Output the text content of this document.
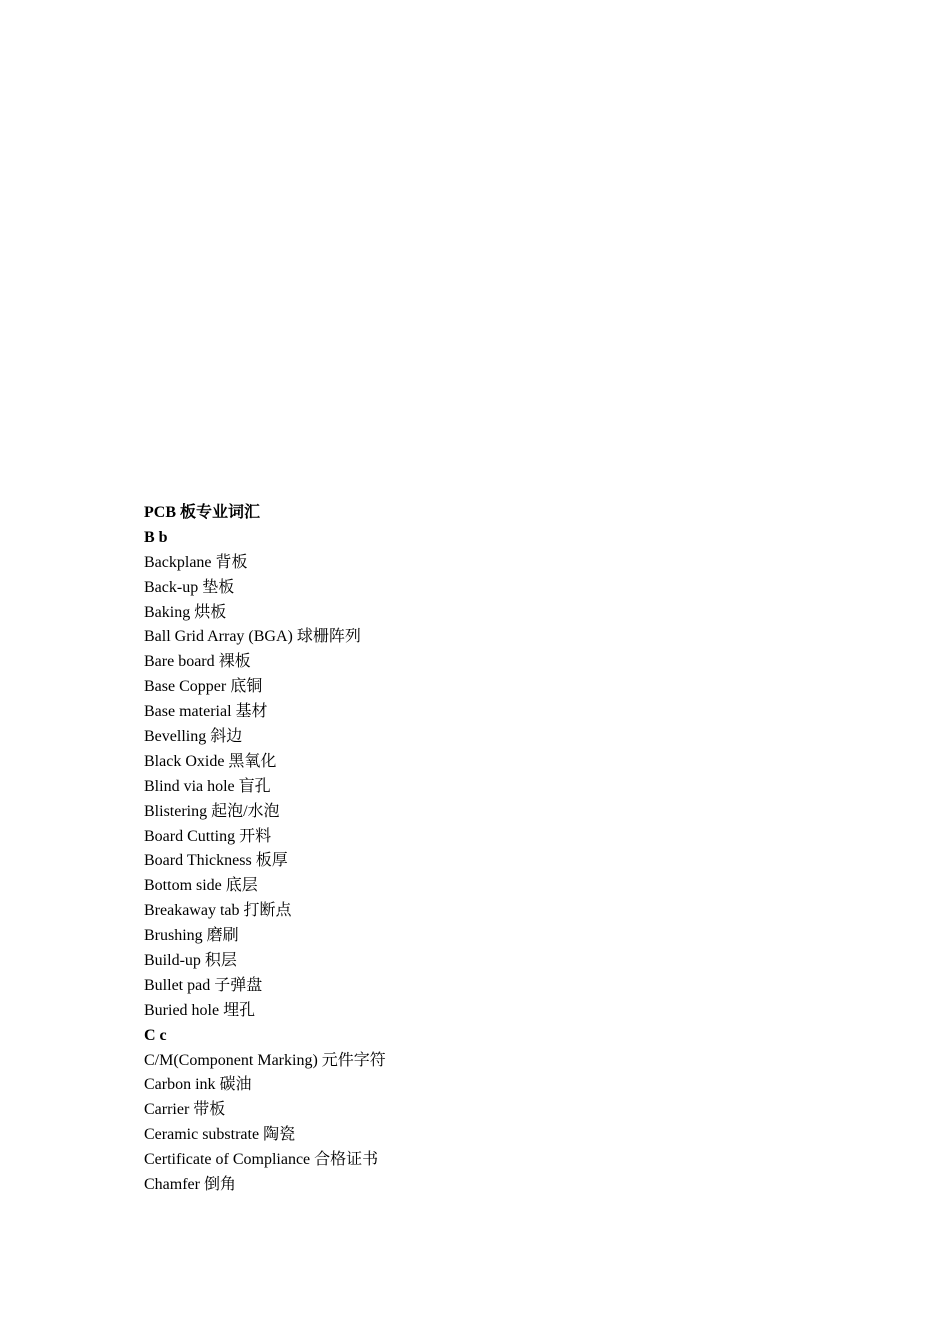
PCB 板专业词汇
B b
Backplane 背板
Back-up 垫板
Baking 烘板
Ball Grid Array (BGA) 球栅阵列
Bare board 裸板
Base Copper 底铜
Base material 基材
Bevelling 斜边
Black Oxide 黑氧化
Blind via hole 盲孔
Blistering 起泡/水泡
Board Cutting 开料
Board Thickness 板厚
Bottom side 底层
Breakaway tab 打断点
Brushing 磨刷
Build-up 积层
Bullet pad 子弹盘
Buried hole 埋孔
C c
C/M(Component Marking) 元件字符
Carbon ink 碳油
Carrier 带板
Ceramic substrate 陶瓷
Certificate of Compliance 合格证书
Chamfer 倒角
